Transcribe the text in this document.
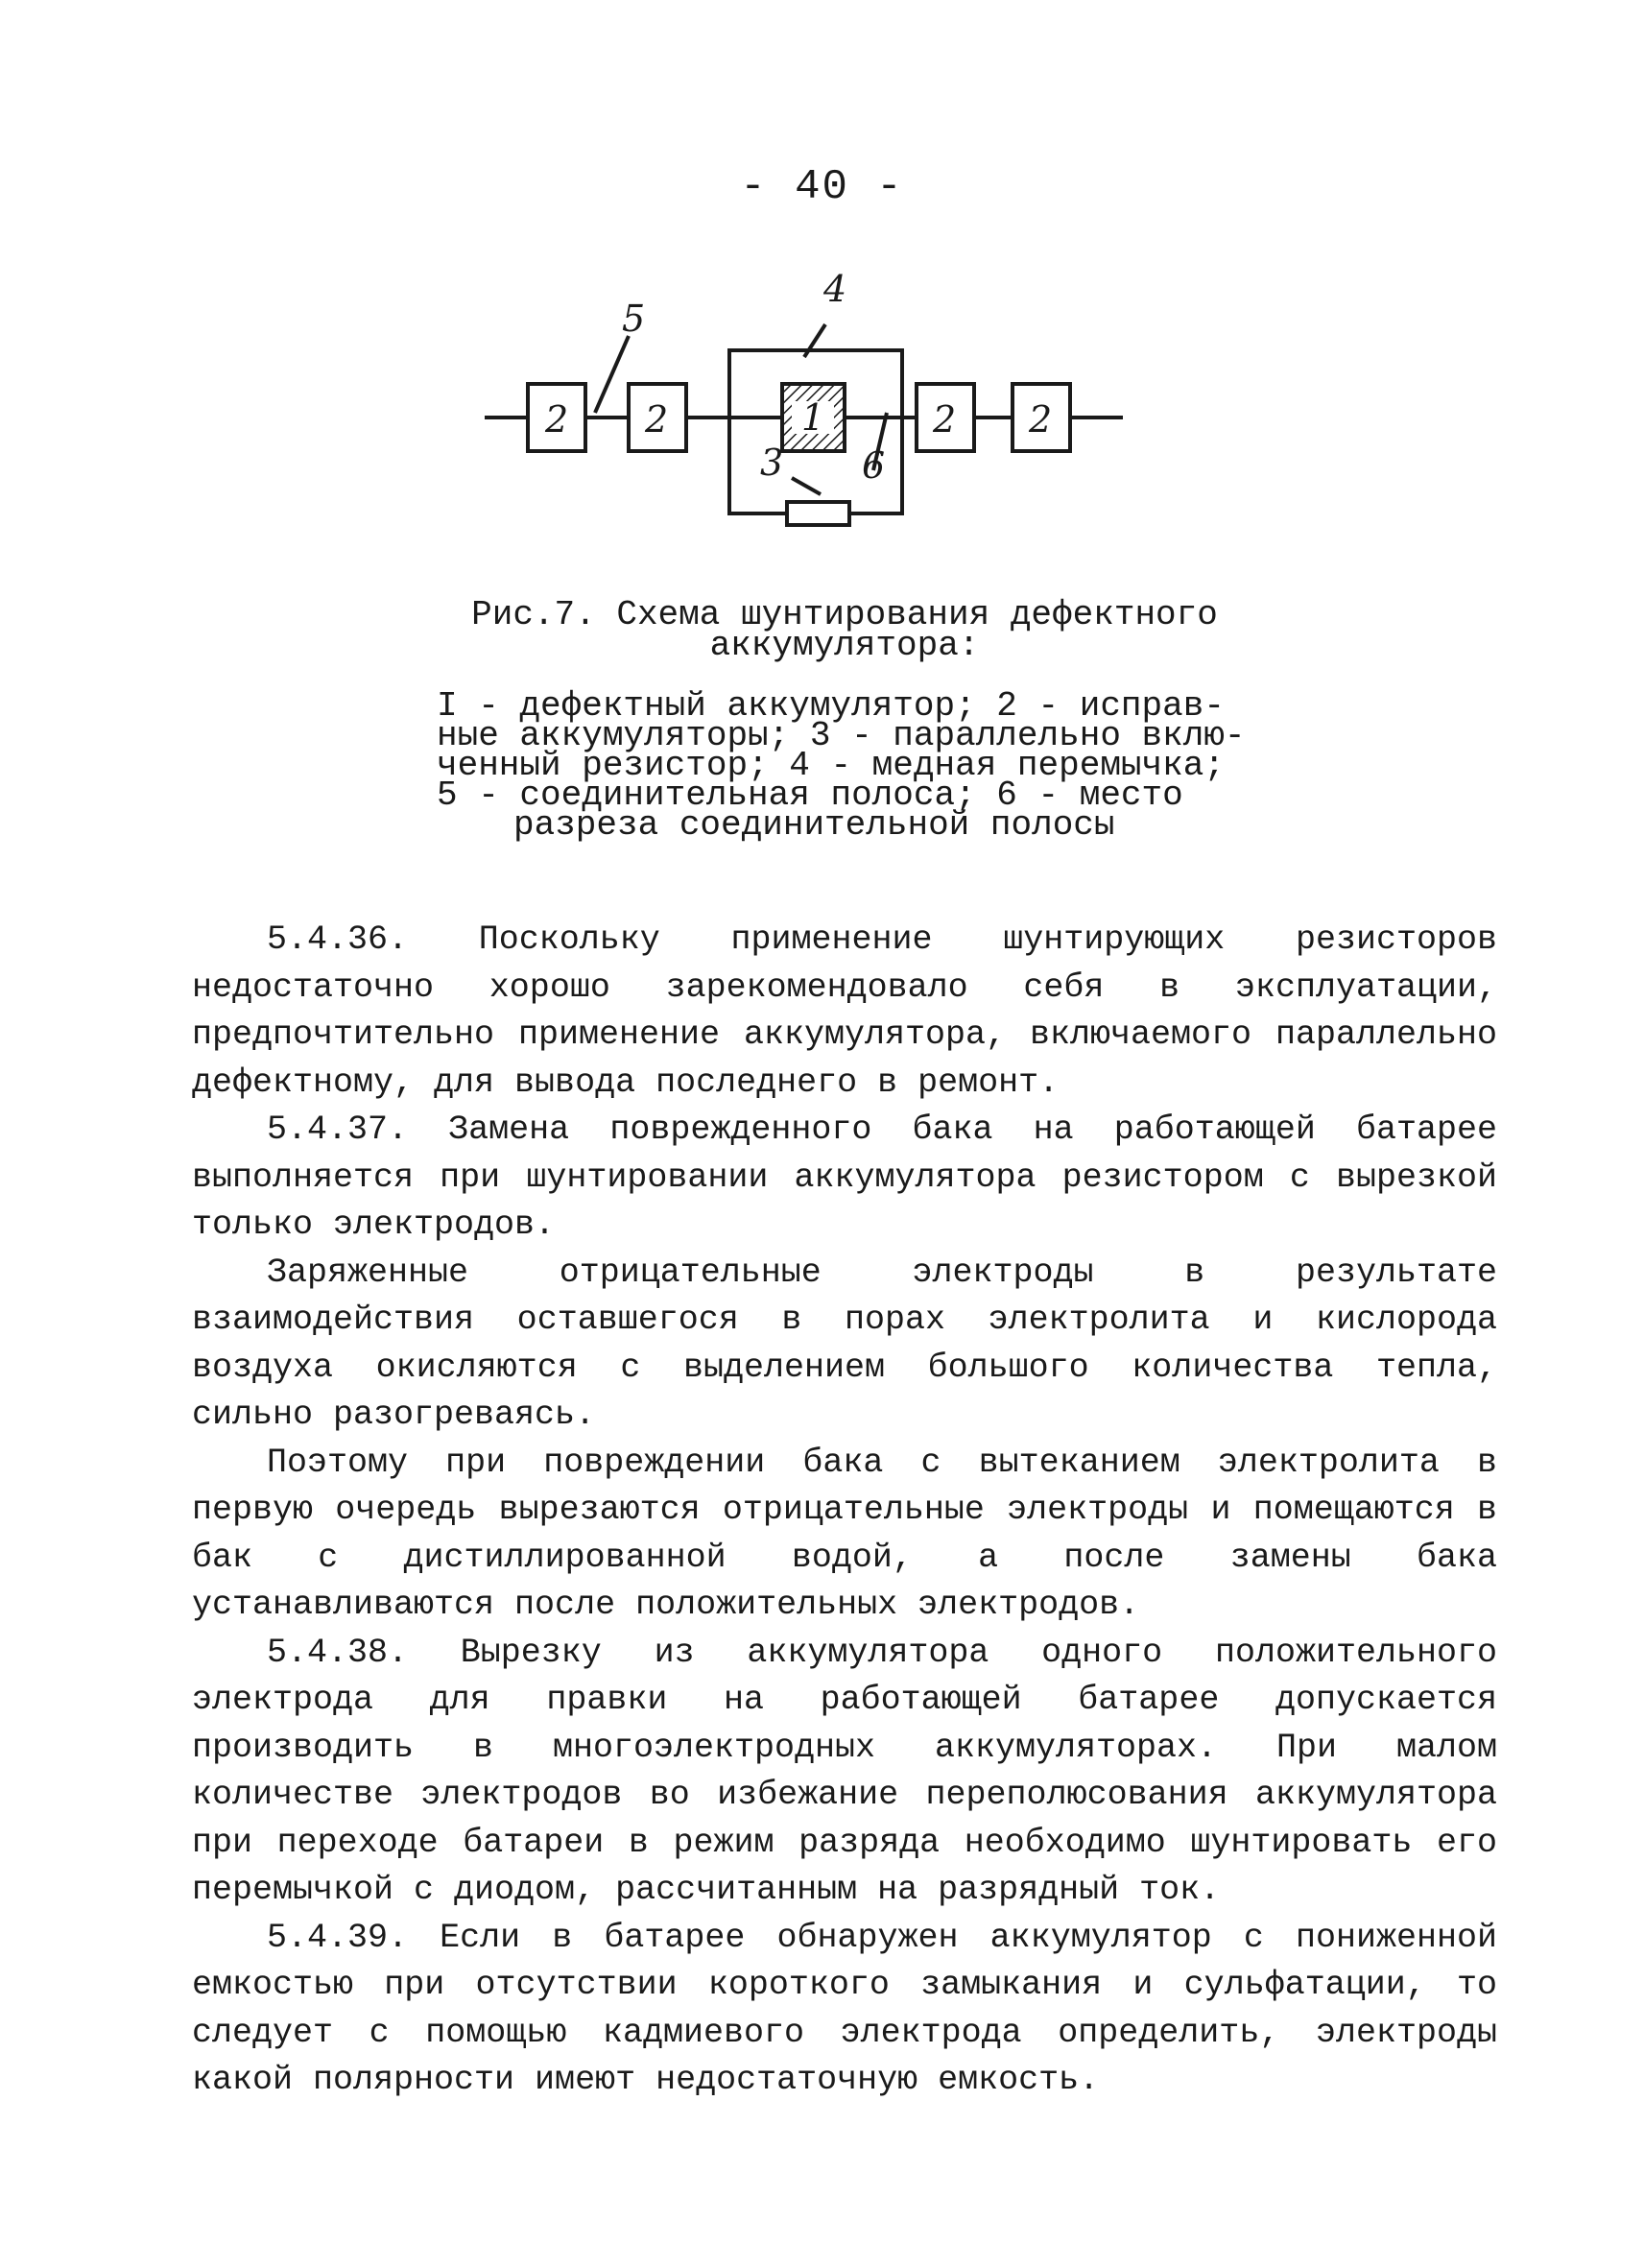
- 40 -
1
2 2	2 2
4
5
3 6
Рис.7. Схема шунтирования дефектного
аккумулятора:
I - дефектный аккумулятор; 2 - исправ-
ные аккумуляторы; 3 - параллельно вклю-
ченный резистор; 4 - медная перемычка;
5 - соединительная полоса; 6 - место
разреза соединительной полосы

5.4.36. Поскольку применение шунтирующих резисторов недостаточно хорошо зарекомендовало себя в эксплуатации, предпочтительно применение аккумулятора, включаемого параллельно дефектному, для вывода последнего в ремонт.

5.4.37. Замена поврежденного бака на работающей батарее выполняется при шунтировании аккумулятора резистором с вырезкой только электродов.

Заряженные отрицательные электроды в результате взаимодействия оставшегося в порах электролита и кислорода воздуха окисляются с выделением большого количества тепла, сильно разогреваясь.

Поэтому при повреждении бака с вытеканием электролита в первую очередь вырезаются отрицательные электроды и помещаются в бак с дистиллированной водой, а после замены бака устанавливаются после положительных электродов.

5.4.38. Вырезку из аккумулятора одного положительного электрода для правки на работающей батарее допускается производить в многоэлектродных аккумуляторах. При малом количестве электродов во избежание переполюсования аккумулятора при переходе батареи в режим разряда необходимо шунтировать его перемычкой с диодом, рассчитанным на разрядный ток.

5.4.39. Если в батарее обнаружен аккумулятор с пониженной емкостью при отсутствии короткого замыкания и сульфатации, то следует с помощью кадмиевого электрода определить, электроды какой полярности имеют недостаточную емкость.
